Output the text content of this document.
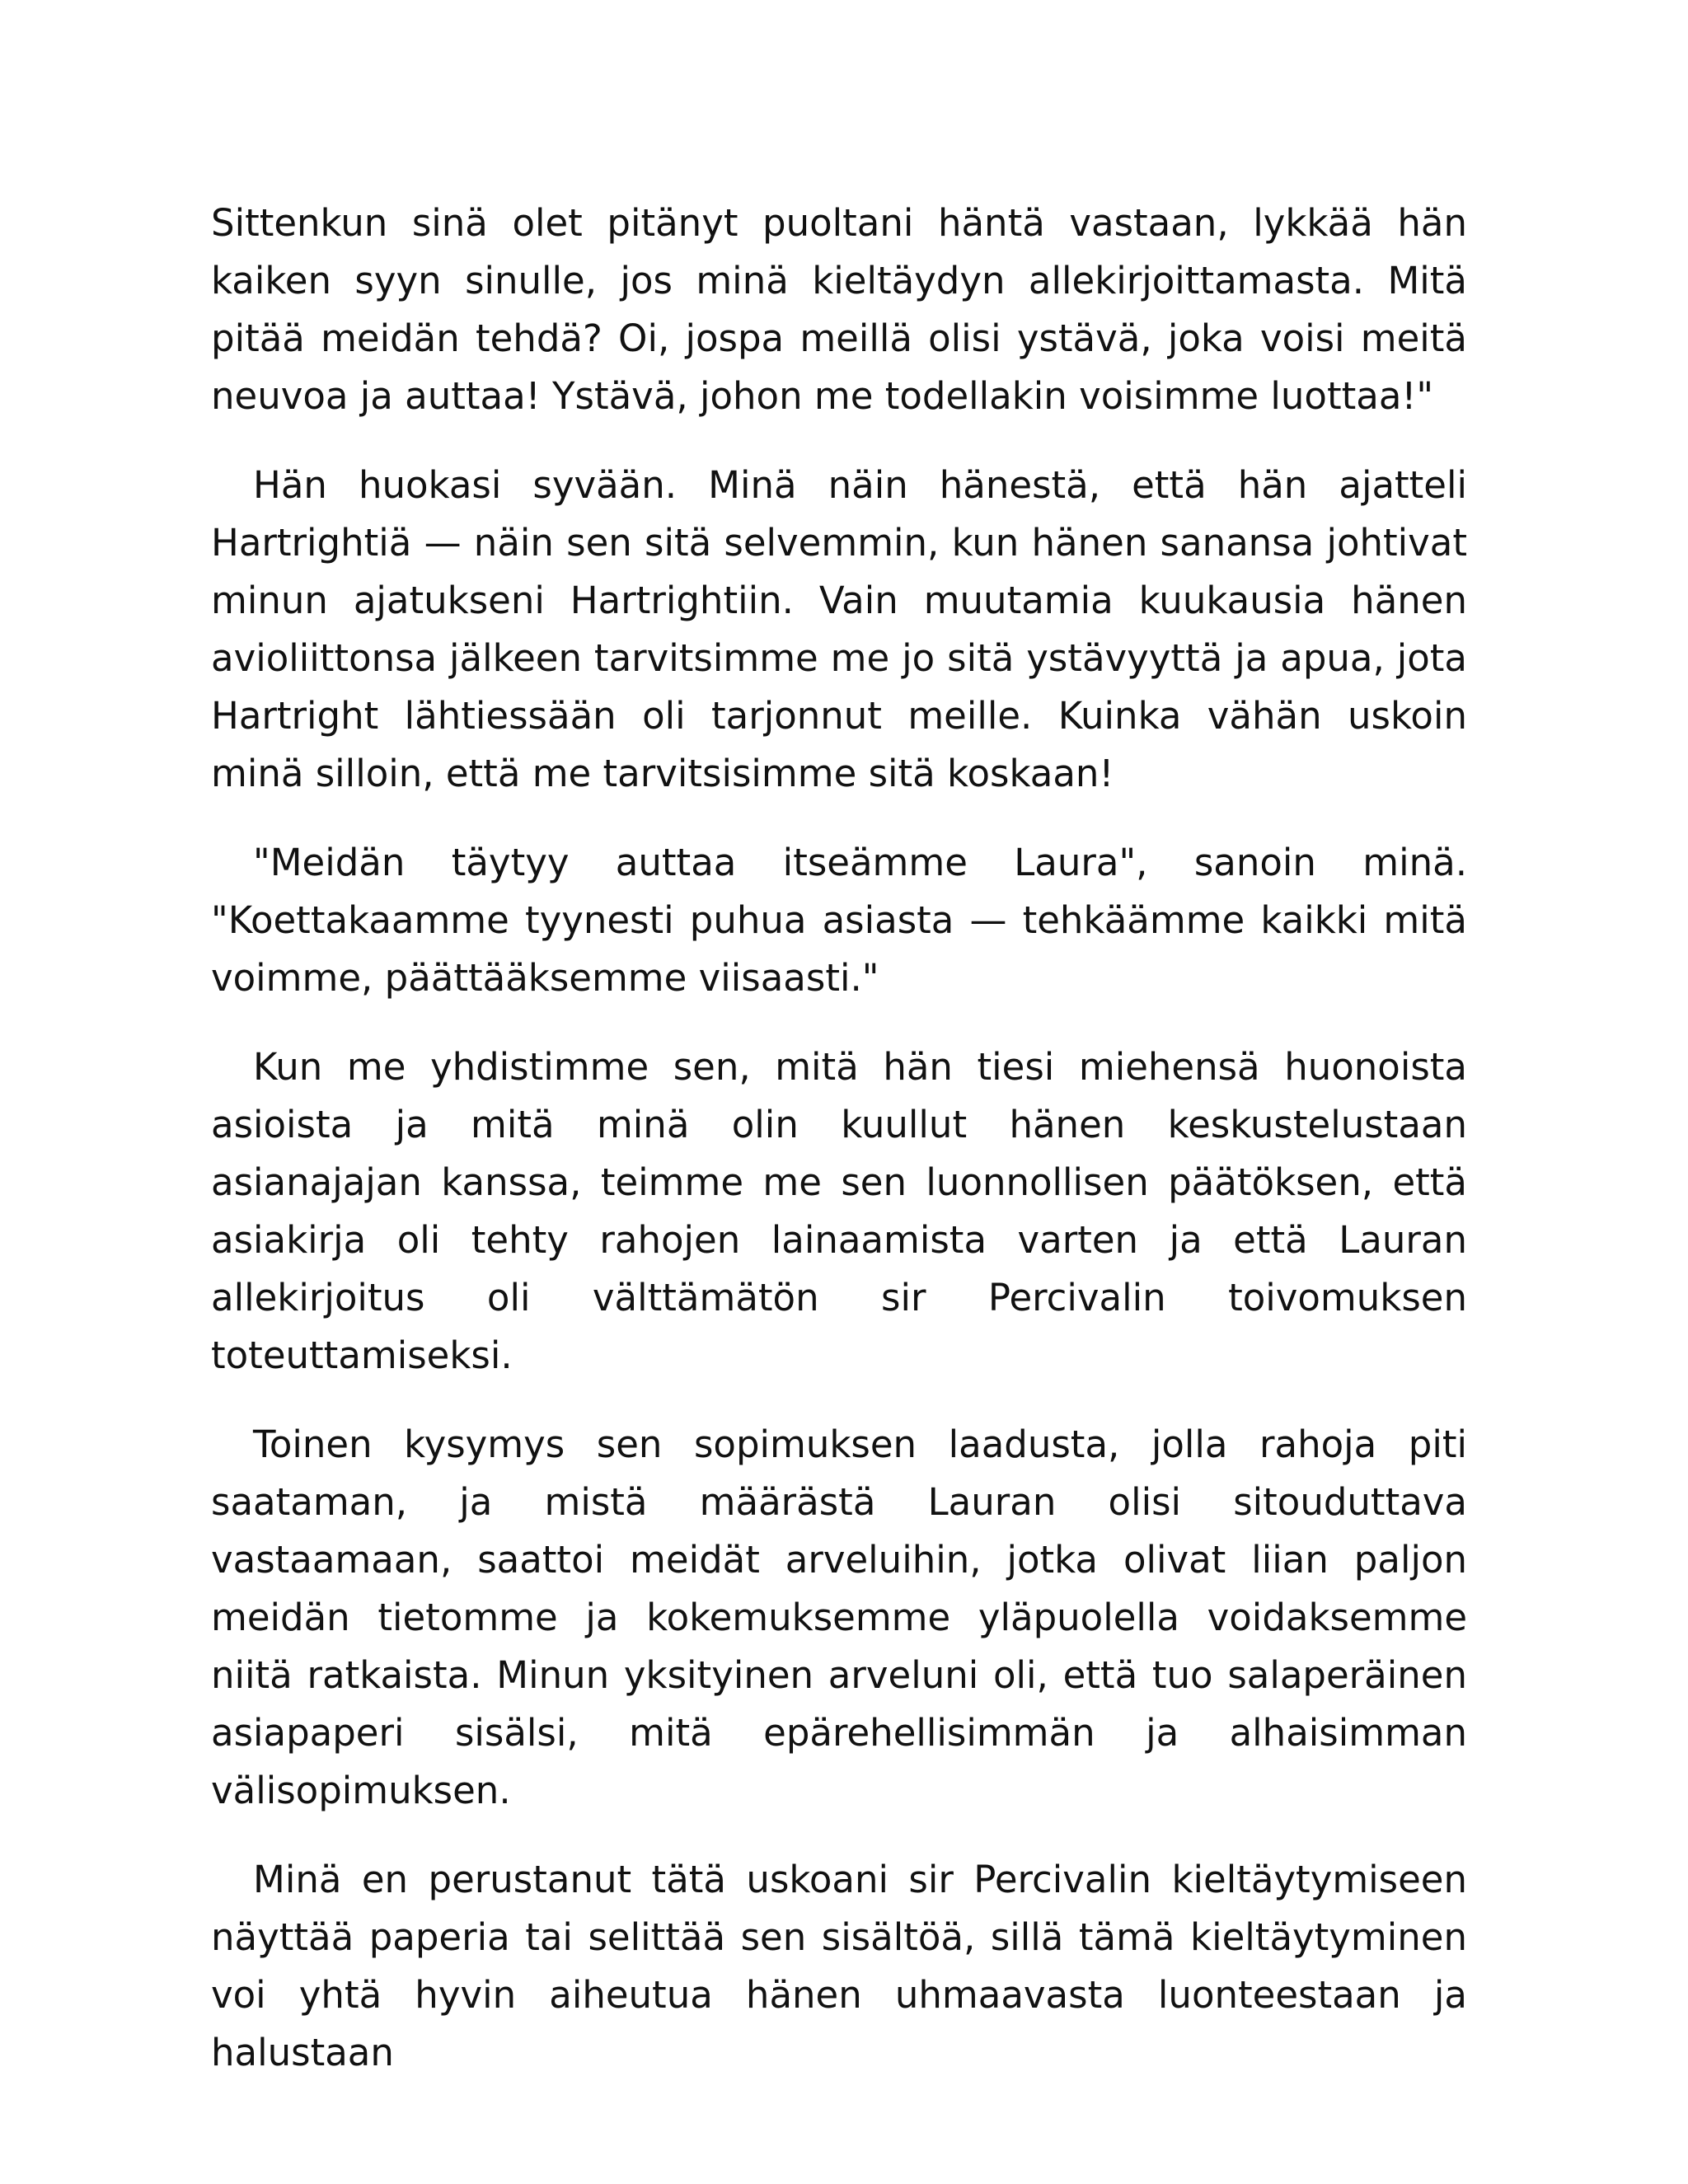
Sittenkun sinä olet pitänyt puoltani häntä vastaan, lykkää hän kaiken syyn sinulle, jos minä kieltäydyn allekirjoittamasta. Mitä pitää meidän tehdä? Oi, jospa meillä olisi ystävä, joka voisi meitä neuvoa ja auttaa! Ystävä, johon me todellakin voisimme luottaa!"

Hän huokasi syvään. Minä näin hänestä, että hän ajatteli Hartrightiä — näin sen sitä selvemmin, kun hänen sanansa johtivat minun ajatukseni Hartrightiin. Vain muutamia kuukausia hänen avioliittonsa jälkeen tarvitsimme me jo sitä ystävyyttä ja apua, jota Hartright lähtiessään oli tarjonnut meille. Kuinka vähän uskoin minä silloin, että me tarvitsisimme sitä koskaan!

"Meidän täytyy auttaa itseämme Laura", sanoin minä. "Koettakaamme tyynesti puhua asiasta — tehkäämme kaikki mitä voimme, päättääksemme viisaasti."

Kun me yhdistimme sen, mitä hän tiesi miehensä huonoista asioista ja mitä minä olin kuullut hänen keskustelustaan asianajajan kanssa, teimme me sen luonnollisen päätöksen, että asiakirja oli tehty rahojen lainaamista varten ja että Lauran allekirjoitus oli välttämätön sir Percivalin toivomuksen toteuttamiseksi.

Toinen kysymys sen sopimuksen laadusta, jolla rahoja piti saataman, ja mistä määrästä Lauran olisi sitouduttava vastaamaan, saattoi meidät arveluihin, jotka olivat liian paljon meidän tietomme ja kokemuksemme yläpuolella voidaksemme niitä ratkaista. Minun yksityinen arveluni oli, että tuo salaperäinen asiapaperi sisälsi, mitä epärehellisimmän ja alhaisimman välisopimuksen.

Minä en perustanut tätä uskoani sir Percivalin kieltäytymiseen näyttää paperia tai selittää sen sisältöä, sillä tämä kieltäytyminen voi yhtä hyvin aiheutua hänen uhmaavasta luonteestaan ja halustaan
